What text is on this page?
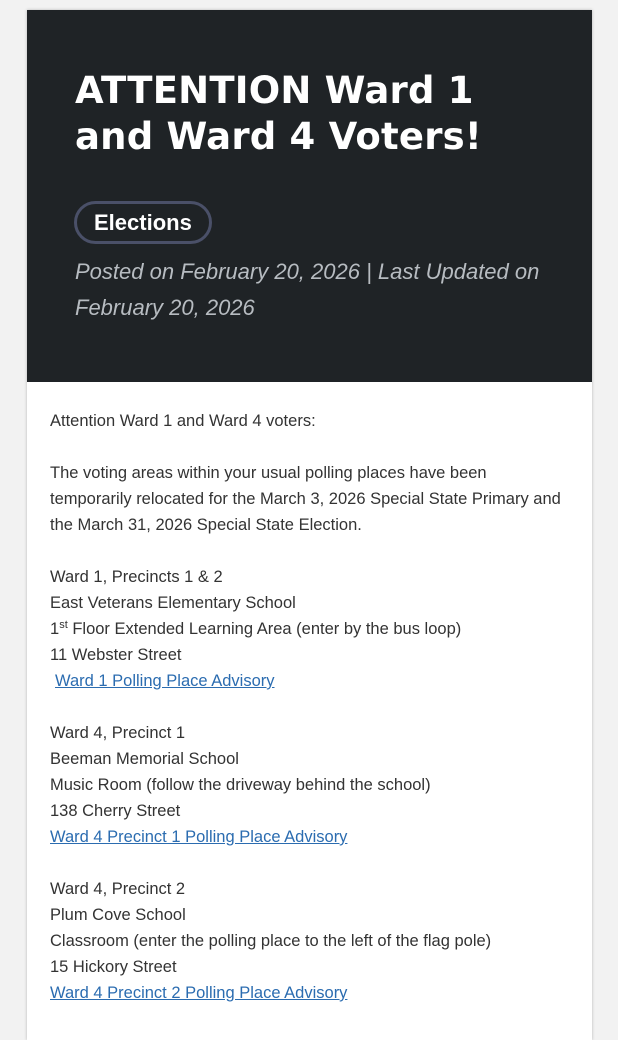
ATTENTION Ward 1 and Ward 4 Voters!
Elections
Posted on February 20, 2026 | Last Updated on February 20, 2026

Attention Ward 1 and Ward 4 voters:

The voting areas within your usual polling places have been temporarily relocated for the March 3, 2026 Special State Primary and the March 31, 2026 Special State Election.

Ward 1, Precincts 1 & 2
East Veterans Elementary School
1st Floor Extended Learning Area (enter by the bus loop)
11 Webster Street
Ward 1 Polling Place Advisory

Ward 4, Precinct 1
Beeman Memorial School
Music Room (follow the driveway behind the school)
138 Cherry Street
Ward 4 Precinct 1 Polling Place Advisory

Ward 4, Precinct 2
Plum Cove School
Classroom (enter the polling place to the left of the flag pole)
15 Hickory Street
Ward 4 Precinct 2 Polling Place Advisory
